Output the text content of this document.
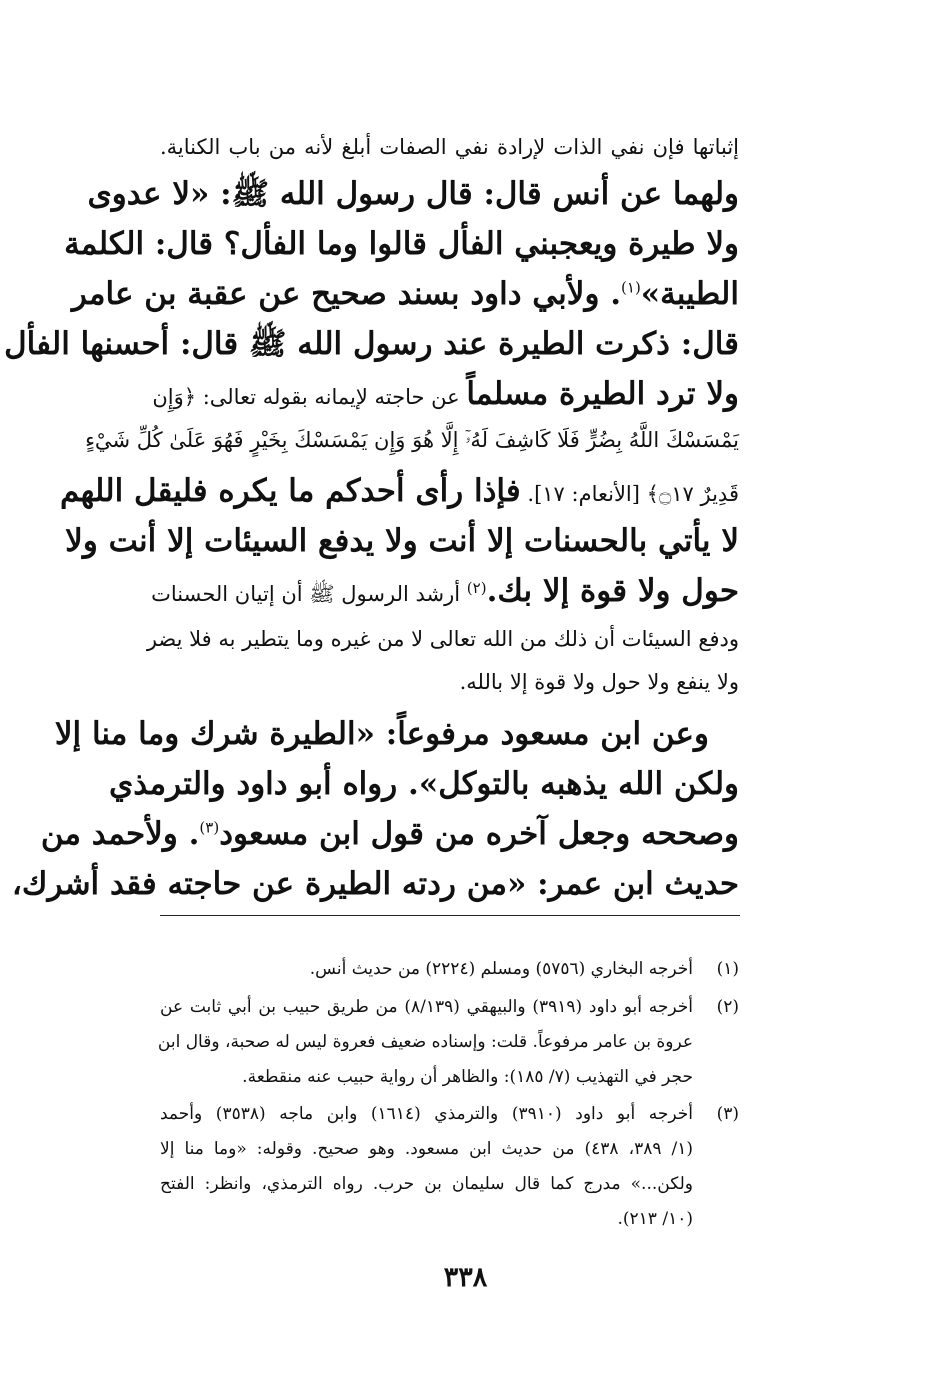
إثباتها فإن نفي الذات لإرادة نفي الصفات أبلغ لأنه من باب الكناية.
ولهما عن أنس قال: قال رسول الله ﷺ: «لا عدوى
ولا طيرة ويعجبني الفأل قالوا وما الفأل؟ قال: الكلمة
الطيبة»$^{(١)}$. ولأبي داود بسند صحيح عن عقبة بن عامر
قال: ذكرت الطيرة عند رسول الله ﷺ قال: أحسنها الفأل
ولا ترد الطيرة مسلماً عن حاجته لإيمانه بقوله تعالى: ﴿وَإِن
يَمْسَسْكَ اللَّهُ بِضُرٍّ فَلَا كَاشِفَ لَهُۥٓ إِلَّا هُوَ وَإِن يَمْسَسْكَ بِخَيْرٍ فَهُوَ عَلَىٰ كُلِّ شَيْءٍ
قَدِيرٌ ۝١٧﴾ [الأنعام: ١٧]. فإذا رأى أحدكم ما يكره فليقل اللهم
لا يأتي بالحسنات إلا أنت ولا يدفع السيئات إلا أنت ولا
حول ولا قوة إلا بك.$^{(٢)}$ أرشد الرسول ﷺ أن إتيان الحسنات
ودفع السيئات أن ذلك من الله تعالى لا من غيره وما يتطير به فلا يضر
ولا ينفع ولا حول ولا قوة إلا بالله.
وعن ابن مسعود مرفوعاً: «الطيرة شرك وما منا إلا
ولكن الله يذهبه بالتوكل». رواه أبو داود والترمذي
وصححه وجعل آخره من قول ابن مسعود$^{(٣)}$. ولأحمد من
حديث ابن عمر: «من ردته الطيرة عن حاجته فقد أشرك،
(١)
أخرجه البخاري (٥٧٥٦) ومسلم (٢٢٢٤) من حديث أنس.
(٢)
أخرجه أبو داود (٣٩١٩) والبيهقي (٨/١٣٩) من طريق حبيب بن أبي ثابت عن
عروة بن عامر مرفوعاً. قلت: وإسناده ضعيف فعروة ليس له صحبة، وقال ابن
حجر في التهذيب (٧/ ١٨٥): والظاهر أن رواية حبيب عنه منقطعة.
(٣)
أخرجه أبو داود (٣٩١٠) والترمذي (١٦١٤) وابن ماجه (٣٥٣٨) وأحمد
(١/ ٣٨٩، ٤٣٨) من حديث ابن مسعود. وهو صحيح. وقوله: «وما منا إلا
ولكن...» مدرج كما قال سليمان بن حرب. رواه الترمذي، وانظر: الفتح
(١٠/ ٢١٣).
٣٣٨
